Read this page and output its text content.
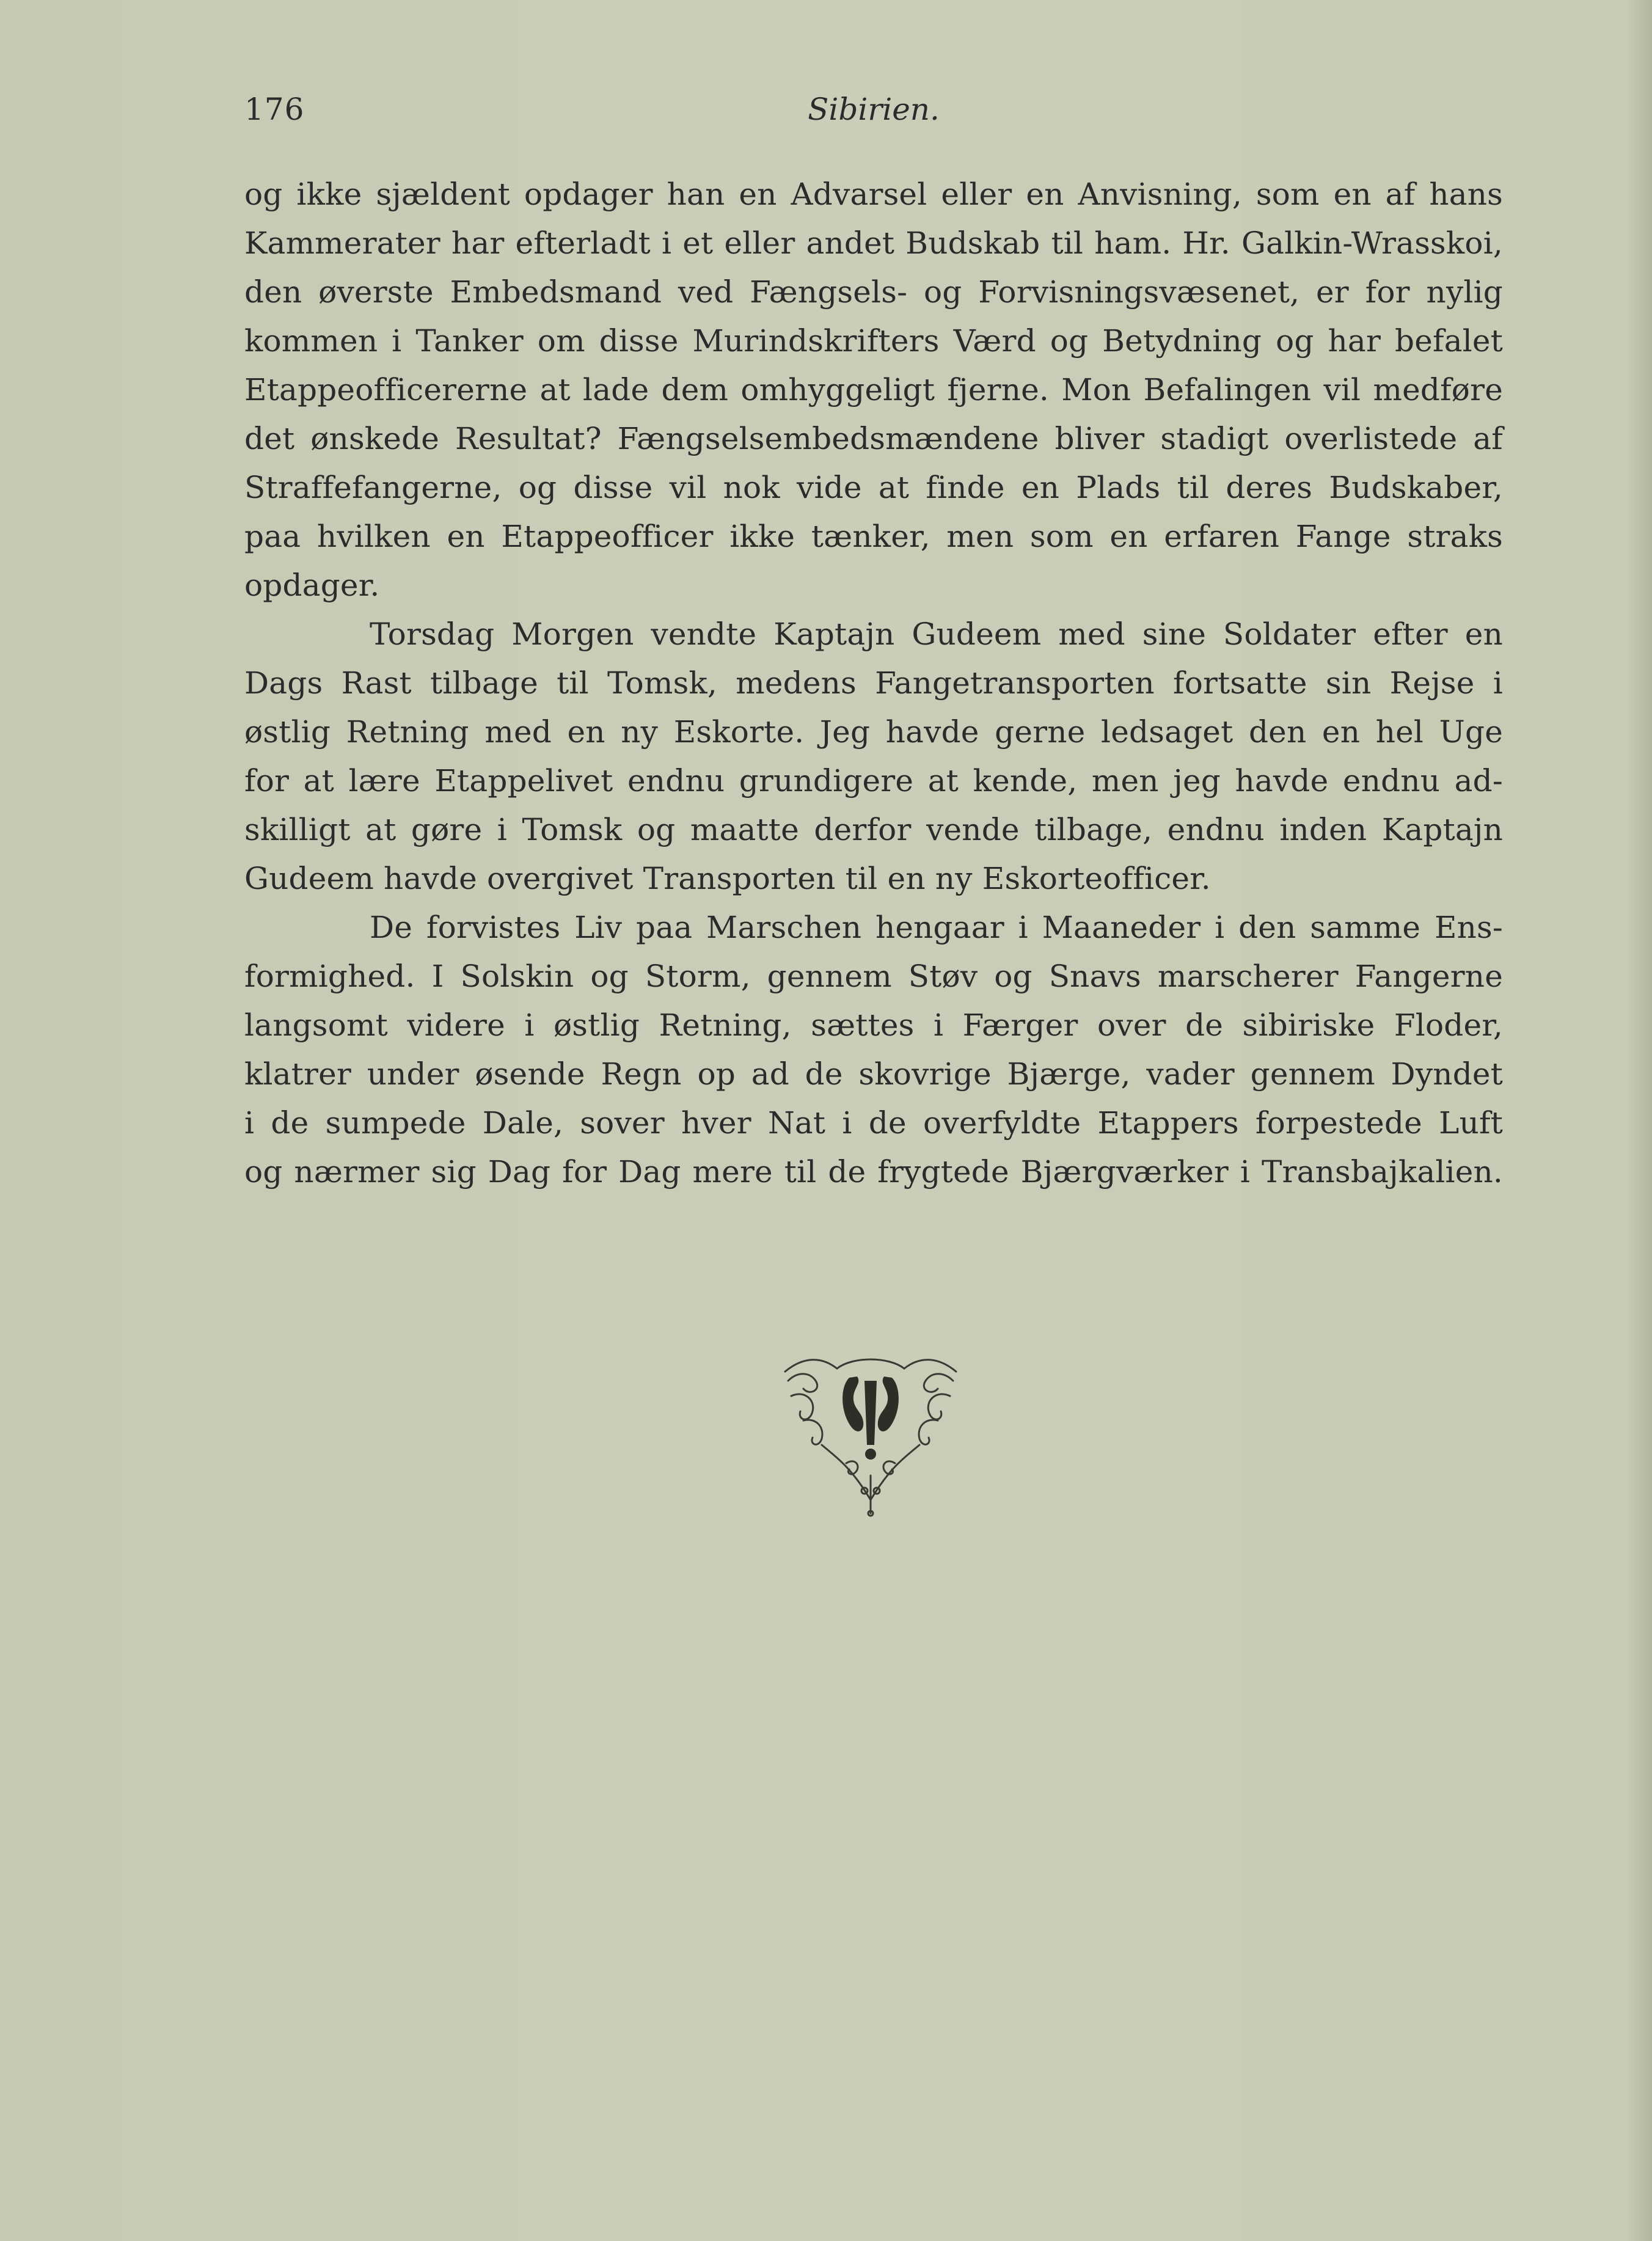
176	Sibirien.
og ikke sjældent opdager han en Advarsel eller en Anvisning, som en af hans
Kammerater har efterladt i et eller andet Budskab til ham. Hr. Galkin-Wrasskoi,
den øverste Embedsmand ved Fængsels- og Forvisningsvæsenet, er for nylig
kommen i Tanker om disse Murindskrifters Værd og Betydning og har befalet
Etappeofficererne at lade dem omhyggeligt fjerne. Mon Befalingen vil medføre
det ønskede Resultat? Fængselsembedsmændene bliver stadigt overlistede af
Straffefangerne, og disse vil nok vide at finde en Plads til deres Budskaber,
paa hvilken en Etappeofficer ikke tænker, men som en erfaren Fange straks
opdager.
Torsdag Morgen vendte Kaptajn Gudeem med sine Soldater efter en
Dags Rast tilbage til Tomsk, medens Fangetransporten fortsatte sin Rejse i
østlig Retning med en ny Eskorte. Jeg havde gerne ledsaget den en hel Uge
for at lære Etappelivet endnu grundigere at kende, men jeg havde endnu ad-
skilligt at gøre i Tomsk og maatte derfor vende tilbage, endnu inden Kaptajn
Gudeem havde overgivet Transporten til en ny Eskorteofficer.
De forvistes Liv paa Marschen hengaar i Maaneder i den samme Ens-
formighed. I Solskin og Storm, gennem Støv og Snavs marscherer Fangerne
langsomt videre i østlig Retning, sættes i Færger over de sibiriske Floder,
klatrer under øsende Regn op ad de skovrige Bjærge, vader gennem Dyndet
i de sumpede Dale, sover hver Nat i de overfyldte Etappers forpestede Luft
og nærmer sig Dag for Dag mere til de frygtede Bjærgværker i Transbajkalien.
